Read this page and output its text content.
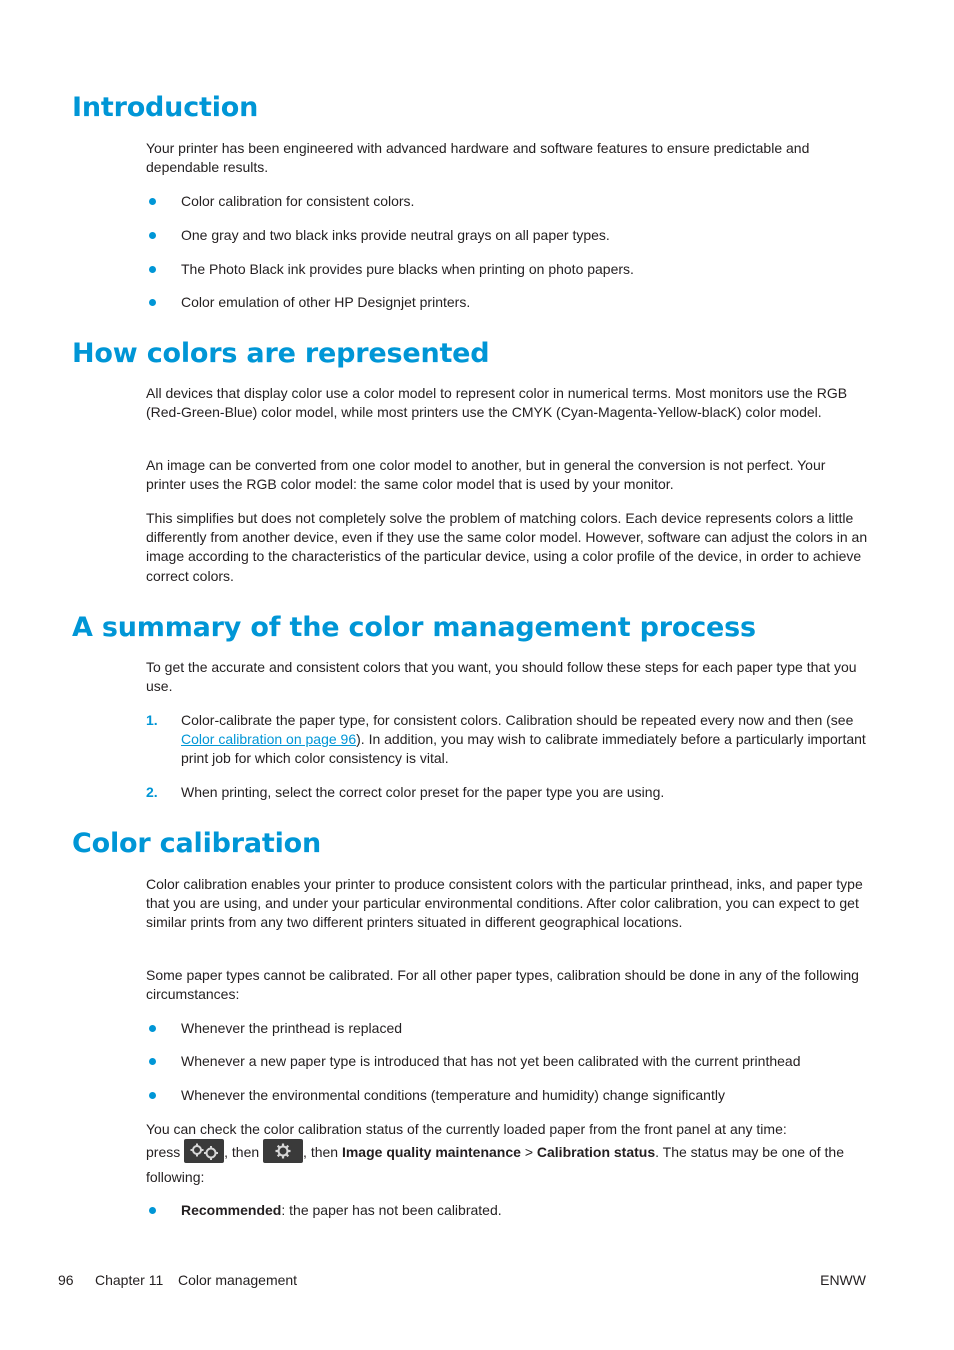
Introduction

Your printer has been engineered with advanced hardware and software features to ensure predictable and dependable results.

Color calibration for consistent colors.
One gray and two black inks provide neutral grays on all paper types.
The Photo Black ink provides pure blacks when printing on photo papers.
Color emulation of other HP Designjet printers.
How colors are represented

All devices that display color use a color model to represent color in numerical terms. Most monitors use the RGB (Red-Green-Blue) color model, while most printers use the CMYK (Cyan-Magenta-Yellow-blacK) color model.

An image can be converted from one color model to another, but in general the conversion is not perfect. Your printer uses the RGB color model: the same color model that is used by your monitor.

This simplifies but does not completely solve the problem of matching colors. Each device represents colors a little differently from another device, even if they use the same color model. However, software can adjust the colors in an image according to the characteristics of the particular device, using a color profile of the device, in order to achieve correct colors.

A summary of the color management process

To get the accurate and consistent colors that you want, you should follow these steps for each paper type that you use.

1. Color-calibrate the paper type, for consistent colors. Calibration should be repeated every now and then (see Color calibration on page 96). In addition, you may wish to calibrate immediately before a particularly important print job for which color consistency is vital.
2. When printing, select the correct color preset for the paper type you are using.
Color calibration

Color calibration enables your printer to produce consistent colors with the particular printhead, inks, and paper type that you are using, and under your particular environmental conditions. After color calibration, you can expect to get similar prints from any two different printers situated in different geographical locations.

Some paper types cannot be calibrated. For all other paper types, calibration should be done in any of the following circumstances:

Whenever the printhead is replaced
Whenever a new paper type is introduced that has not yet been calibrated with the current printhead
Whenever the environmental conditions (temperature and humidity) change significantly

You can check the color calibration status of the currently loaded paper from the front panel at any time:

press	, then	, then Image quality maintenance > Calibration status. The status may be one of the following:
Recommended: the paper has not been calibrated.
96 Chapter 11 Color management	ENWW
